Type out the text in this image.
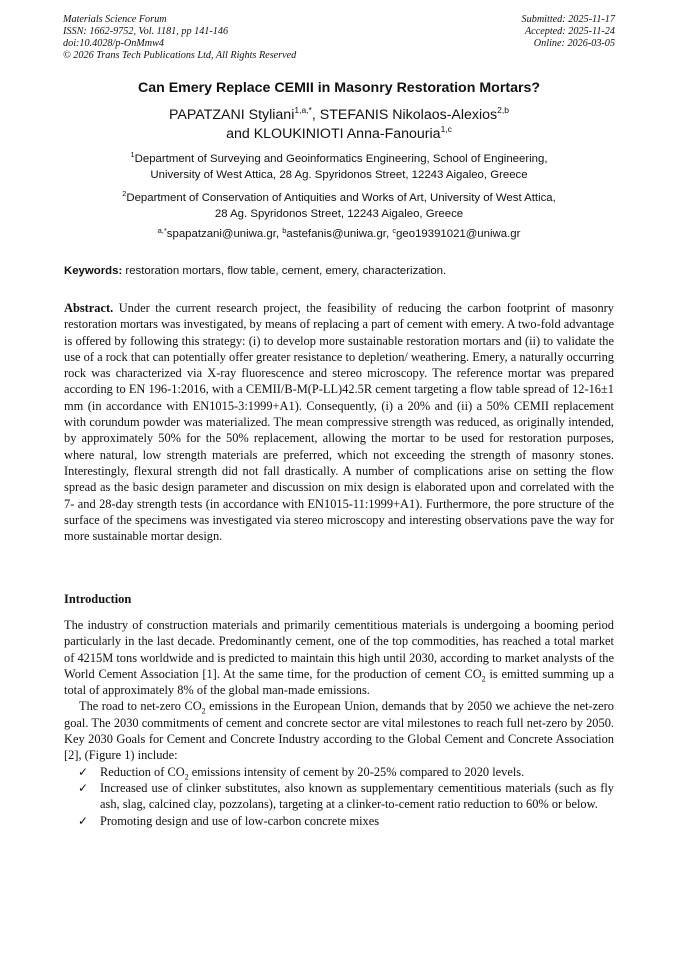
Materials Science Forum
ISSN: 1662-9752, Vol. 1181, pp 141-146
doi:10.4028/p-OnMmw4
© 2026 Trans Tech Publications Ltd, All Rights Reserved
Submitted: 2025-11-17
Accepted: 2025-11-24
Online: 2026-03-05
Can Emery Replace CEMII in Masonry Restoration Mortars?
PAPATZANI Styliani$^{1,a,*}$, STEFANIS Nikolaos-Alexios$^{2,b}$
and KLOUKINIOTI Anna-Fanouria$^{1,c}$
$^1$Department of Surveying and Geoinformatics Engineering, School of Engineering,
University of West Attica, 28 Ag. Spyridonos Street, 12243 Aigaleo, Greece
$^2$Department of Conservation of Antiquities and Works of Art, University of West Attica,
28 Ag. Spyridonos Street, 12243 Aigaleo, Greece
$^{a,*}$spapatzani@uniwa.gr, $^b$astefanis@uniwa.gr, $^c$geo19391021@uniwa.gr
Keywords: restoration mortars, flow table, cement, emery, characterization.
Abstract. Under the current research project, the feasibility of reducing the carbon footprint of masonry restoration mortars was investigated, by means of replacing a part of cement with emery. A two-fold advantage is offered by following this strategy: (i) to develop more sustainable restoration mortars and (ii) to validate the use of a rock that can potentially offer greater resistance to depletion/ weathering. Emery, a naturally occurring rock was characterized via X-ray fluorescence and stereo microscopy. The reference mortar was prepared according to EN 196-1:2016, with a CEMII/B-M(P-LL)42.5R cement targeting a flow table spread of 12-16±1 mm (in accordance with EN1015-3:1999+A1). Consequently, (i) a 20% and (ii) a 50% CEMII replacement with corundum powder was materialized. The mean compressive strength was reduced, as originally intended, by approximately 50% for the 50% replacement, allowing the mortar to be used for restoration purposes, where natural, low strength materials are preferred, which not exceeding the strength of masonry stones. Interestingly, flexural strength did not fall drastically. A number of complications arise on setting the flow spread as the basic design parameter and discussion on mix design is elaborated upon and correlated with the 7- and 28-day strength tests (in accordance with EN1015-11:1999+A1). Furthermore, the pore structure of the surface of the specimens was investigated via stereo microscopy and interesting observations pave the way for more sustainable mortar design.
Introduction

The industry of construction materials and primarily cementitious materials is undergoing a booming period particularly in the last decade. Predominantly cement, one of the top commodities, has reached a total market of 4215M tons worldwide and is predicted to maintain this high until 2030, according to market analysts of the World Cement Association [1]. At the same time, for the production of cement $CO_2$ is emitted summing up a total of approximately 8% of the global man-made emissions.

The road to net-zero $CO_2$ emissions in the European Union, demands that by 2050 we achieve the net-zero goal. The 2030 commitments of cement and concrete sector are vital milestones to reach full net-zero by 2050. Key 2030 Goals for Cement and Concrete Industry according to the Global Cement and Concrete Association [2], (Figure 1) include:

✓ Reduction of $CO_2$ emissions intensity of cement by 20-25% compared to 2020 levels.
✓ Increased use of clinker substitutes, also known as supplementary cementitious materials (such as fly ash, slag, calcined clay, pozzolans), targeting at a clinker-to-cement ratio reduction to 60% or below.
✓ Promoting design and use of low-carbon concrete mixes
